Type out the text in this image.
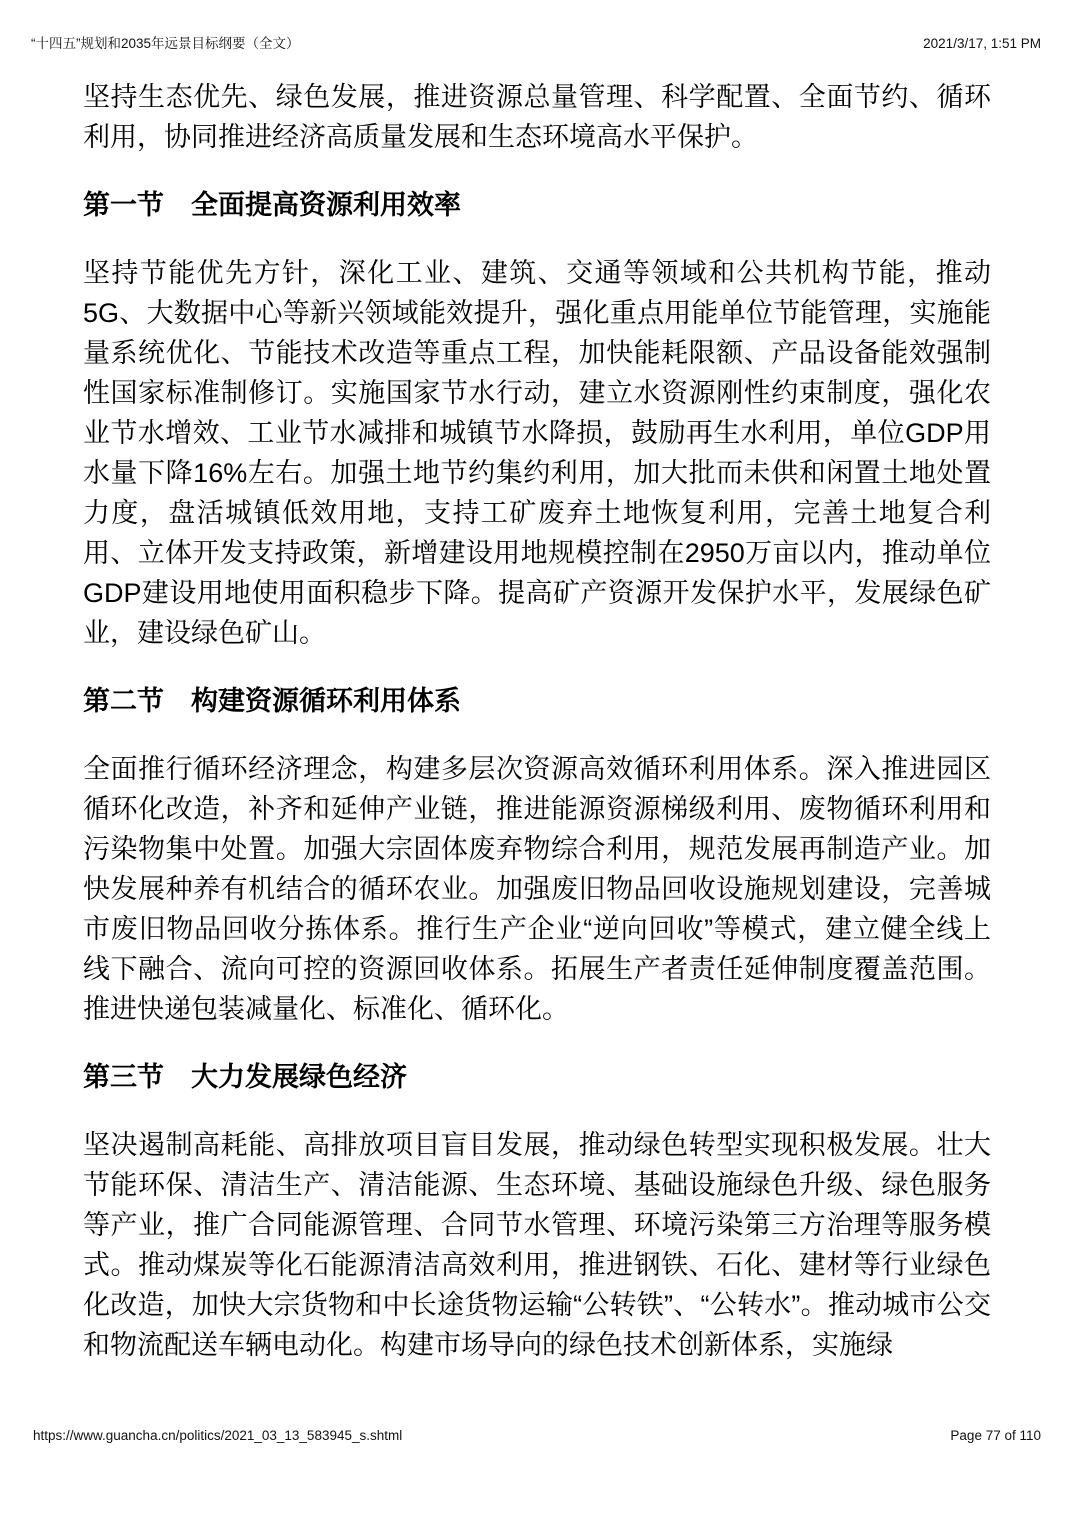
“十四五”规划和2035年远景目标纲要（全文）	2021/3/17, 1:51 PM

坚持生态优先、绿色发展，推进资源总量管理、科学配置、全面节约、循环利用，协同推进经济高质量发展和生态环境高水平保护。

第一节　全面提高资源利用效率

坚持节能优先方针，深化工业、建筑、交通等领域和公共机构节能，推动5G、大数据中心等新兴领域能效提升，强化重点用能单位节能管理，实施能量系统优化、节能技术改造等重点工程，加快能耗限额、产品设备能效强制性国家标准制修订。实施国家节水行动，建立水资源刚性约束制度，强化农业节水增效、工业节水减排和城镇节水降损，鼓励再生水利用，单位GDP用水量下降16%左右。加强土地节约集约利用，加大批而未供和闲置土地处置力度，盘活城镇低效用地，支持工矿废弃土地恢复利用，完善土地复合利用、立体开发支持政策，新增建设用地规模控制在2950万亩以内，推动单位GDP建设用地使用面积稳步下降。提高矿产资源开发保护水平，发展绿色矿业，建设绿色矿山。

第二节　构建资源循环利用体系

全面推行循环经济理念，构建多层次资源高效循环利用体系。深入推进园区循环化改造，补齐和延伸产业链，推进能源资源梯级利用、废物循环利用和污染物集中处置。加强大宗固体废弃物综合利用，规范发展再制造产业。加快发展种养有机结合的循环农业。加强废旧物品回收设施规划建设，完善城市废旧物品回收分拣体系。推行生产企业“逆向回收”等模式，建立健全线上线下融合、流向可控的资源回收体系。拓展生产者责任延伸制度覆盖范围。推进快递包装减量化、标准化、循环化。

第三节　大力发展绿色经济

坚决遏制高耗能、高排放项目盲目发展，推动绿色转型实现积极发展。壮大节能环保、清洁生产、清洁能源、生态环境、基础设施绿色升级、绿色服务等产业，推广合同能源管理、合同节水管理、环境污染第三方治理等服务模式。推动煤炭等化石能源清洁高效利用，推进钢铁、石化、建材等行业绿色化改造，加快大宗货物和中长途货物运输“公转铁”、“公转水”。推动城市公交和物流配送车辆电动化。构建市场导向的绿色技术创新体系，实施绿

https://www.guancha.cn/politics/2021_03_13_583945_s.shtml	Page 77 of 110
